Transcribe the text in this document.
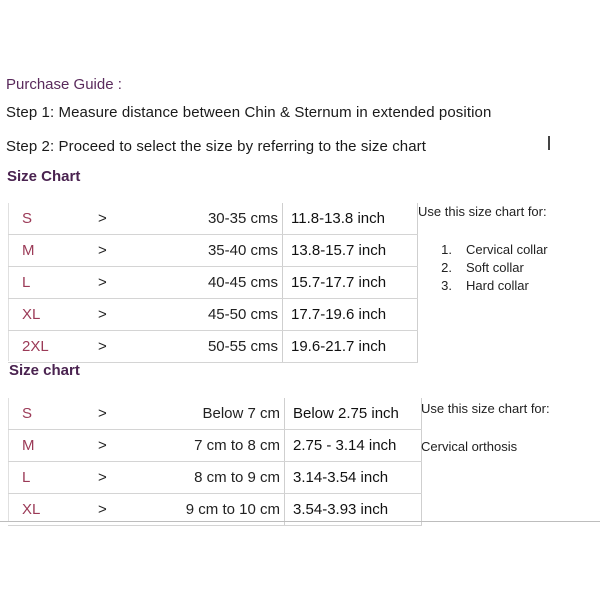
Purchase Guide :
Step 1: Measure distance between Chin & Sternum in extended position
Step 2: Proceed to select the size by referring to the size chart
Size Chart
S	>	30-35 cms	11.8-13.8 inch
M	>	35-40 cms	13.8-15.7 inch
L	>	40-45 cms	15.7-17.7 inch
XL	>	45-50 cms	17.7-19.6 inch
2XL	>	50-55 cms	19.6-21.7 inch
Use this size chart for:
1. Cervical collar
2. Soft collar
3. Hard collar
Size chart
S	>	Below 7 cm	Below 2.75 inch
M	>	7 cm to 8 cm	2.75 - 3.14 inch
L	>	8 cm to 9 cm	3.14-3.54 inch
XL	>	9 cm to 10 cm	3.54-3.93 inch
Use this size chart for:
Cervical orthosis
